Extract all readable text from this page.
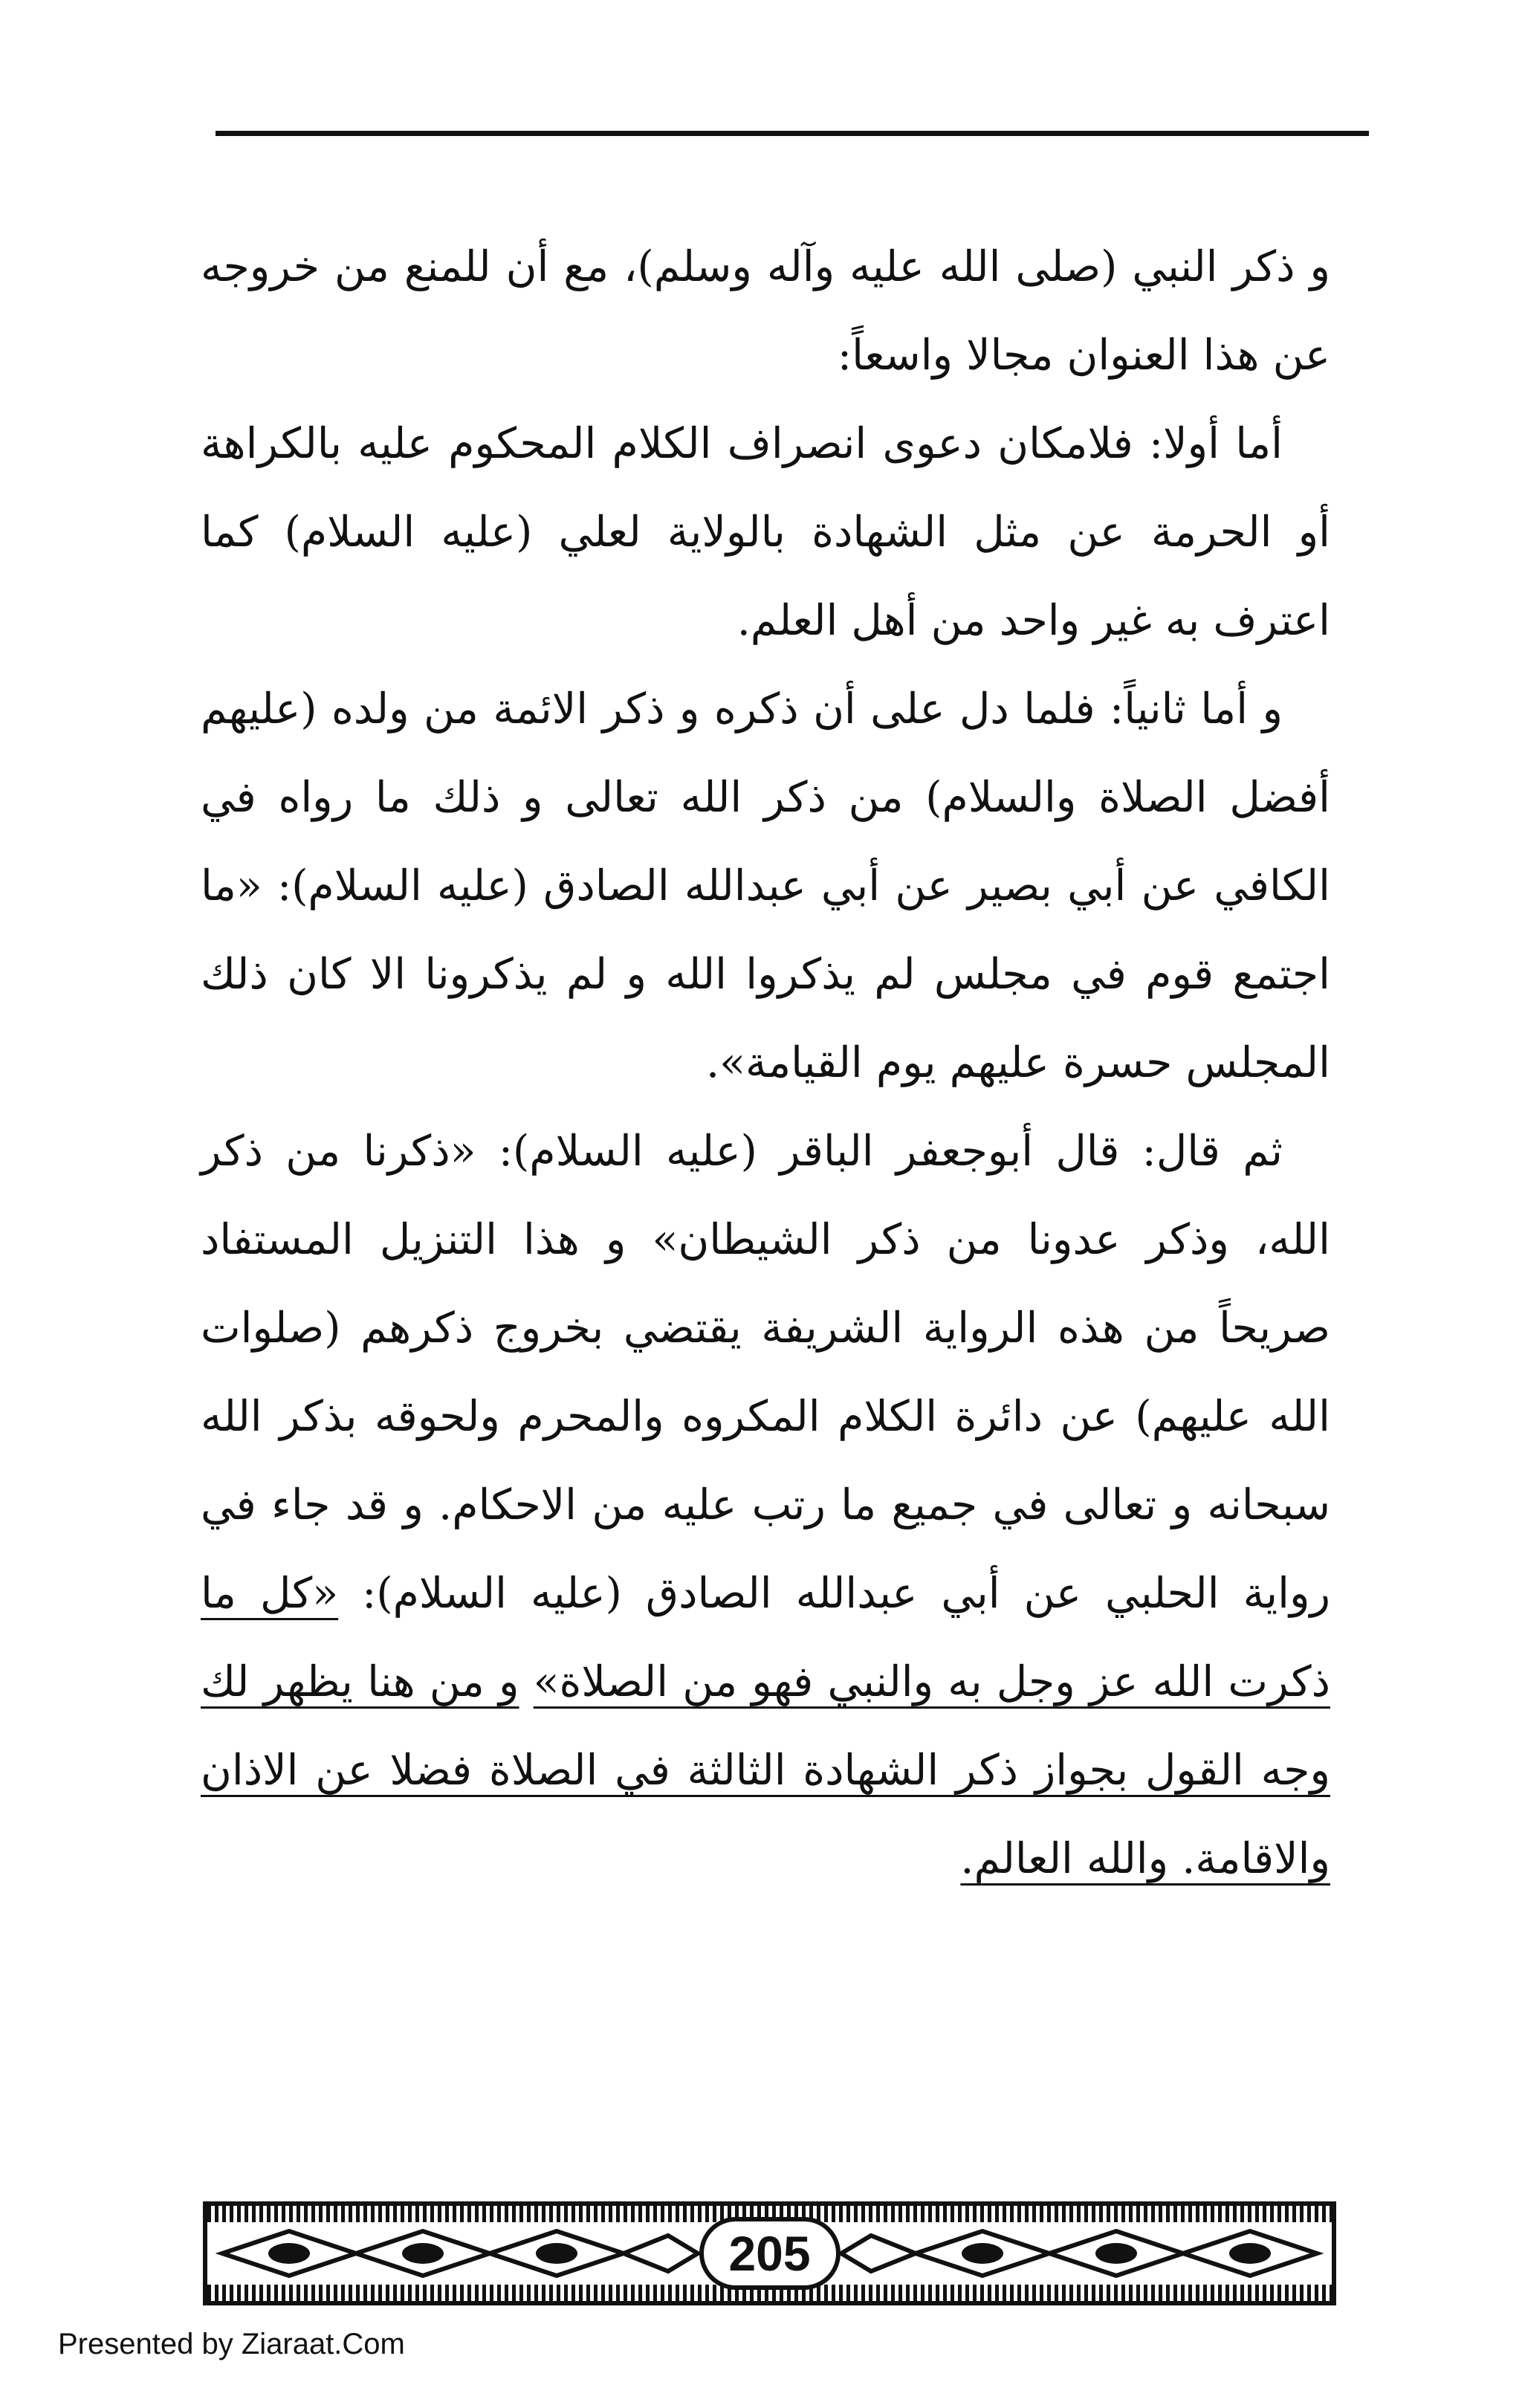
و ذكر النبي (صلى الله عليه وآله وسلم)، مع أن للمنع من خروجه عن هذا العنوان مجالا واسعاً:

أما أولا: فلامكان دعوى انصراف الكلام المحكوم عليه بالكراهة أو الحرمة عن مثل الشهادة بالولاية لعلي (عليه السلام) كما اعترف به غير واحد من أهل العلم.

و أما ثانياً: فلما دل على أن ذكره و ذكر الائمة من ولده (عليهم أفضل الصلاة والسلام) من ذكر الله تعالى و ذلك ما رواه في الكافي عن أبي بصير عن أبي عبدالله الصادق (عليه السلام): «ما اجتمع قوم في مجلس لم يذكروا الله و لم يذكرونا الا كان ذلك المجلس حسرة عليهم يوم القيامة».

ثم قال: قال أبوجعفر الباقر (عليه السلام): «ذكرنا من ذكر الله، وذكر عدونا من ذكر الشيطان» و هذا التنزيل المستفاد صريحاً من هذه الرواية الشريفة يقتضي بخروج ذكرهم (صلوات الله عليهم) عن دائرة الكلام المكروه والمحرم ولحوقه بذكر الله سبحانه و تعالى في جميع ما رتب عليه من الاحكام. و قد جاء في رواية الحلبي عن أبي عبدالله الصادق (عليه السلام): «كل ما ذكرت الله عز وجل به والنبي فهو من الصلاة» و من هنا يظهر لك وجه القول بجواز ذكر الشهادة الثالثة في الصلاة فضلا عن الاذان والاقامة. والله العالم.

205
Presented by Ziaraat.Com
